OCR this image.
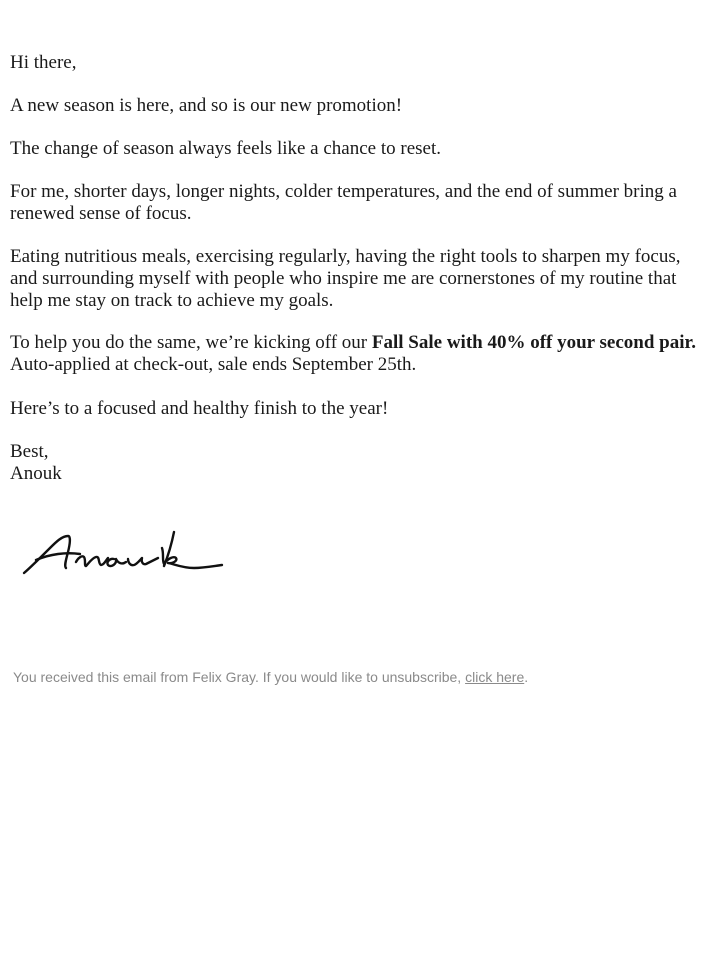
Hi there,

A new season is here, and so is our new promotion!

The change of season always feels like a chance to reset.

For me, shorter days, longer nights, colder temperatures, and the end of summer bring a renewed sense of focus.

Eating nutritious meals, exercising regularly, having the right tools to sharpen my focus, and surrounding myself with people who inspire me are cornerstones of my routine that help me stay on track to achieve my goals.

To help you do the same, we’re kicking off our Fall Sale with 40% off your second pair. Auto-applied at check-out, sale ends September 25th.

Here’s to a focused and healthy finish to the year!

Best,
Anouk

You received this email from Felix Gray. If you would like to unsubscribe, click here.
